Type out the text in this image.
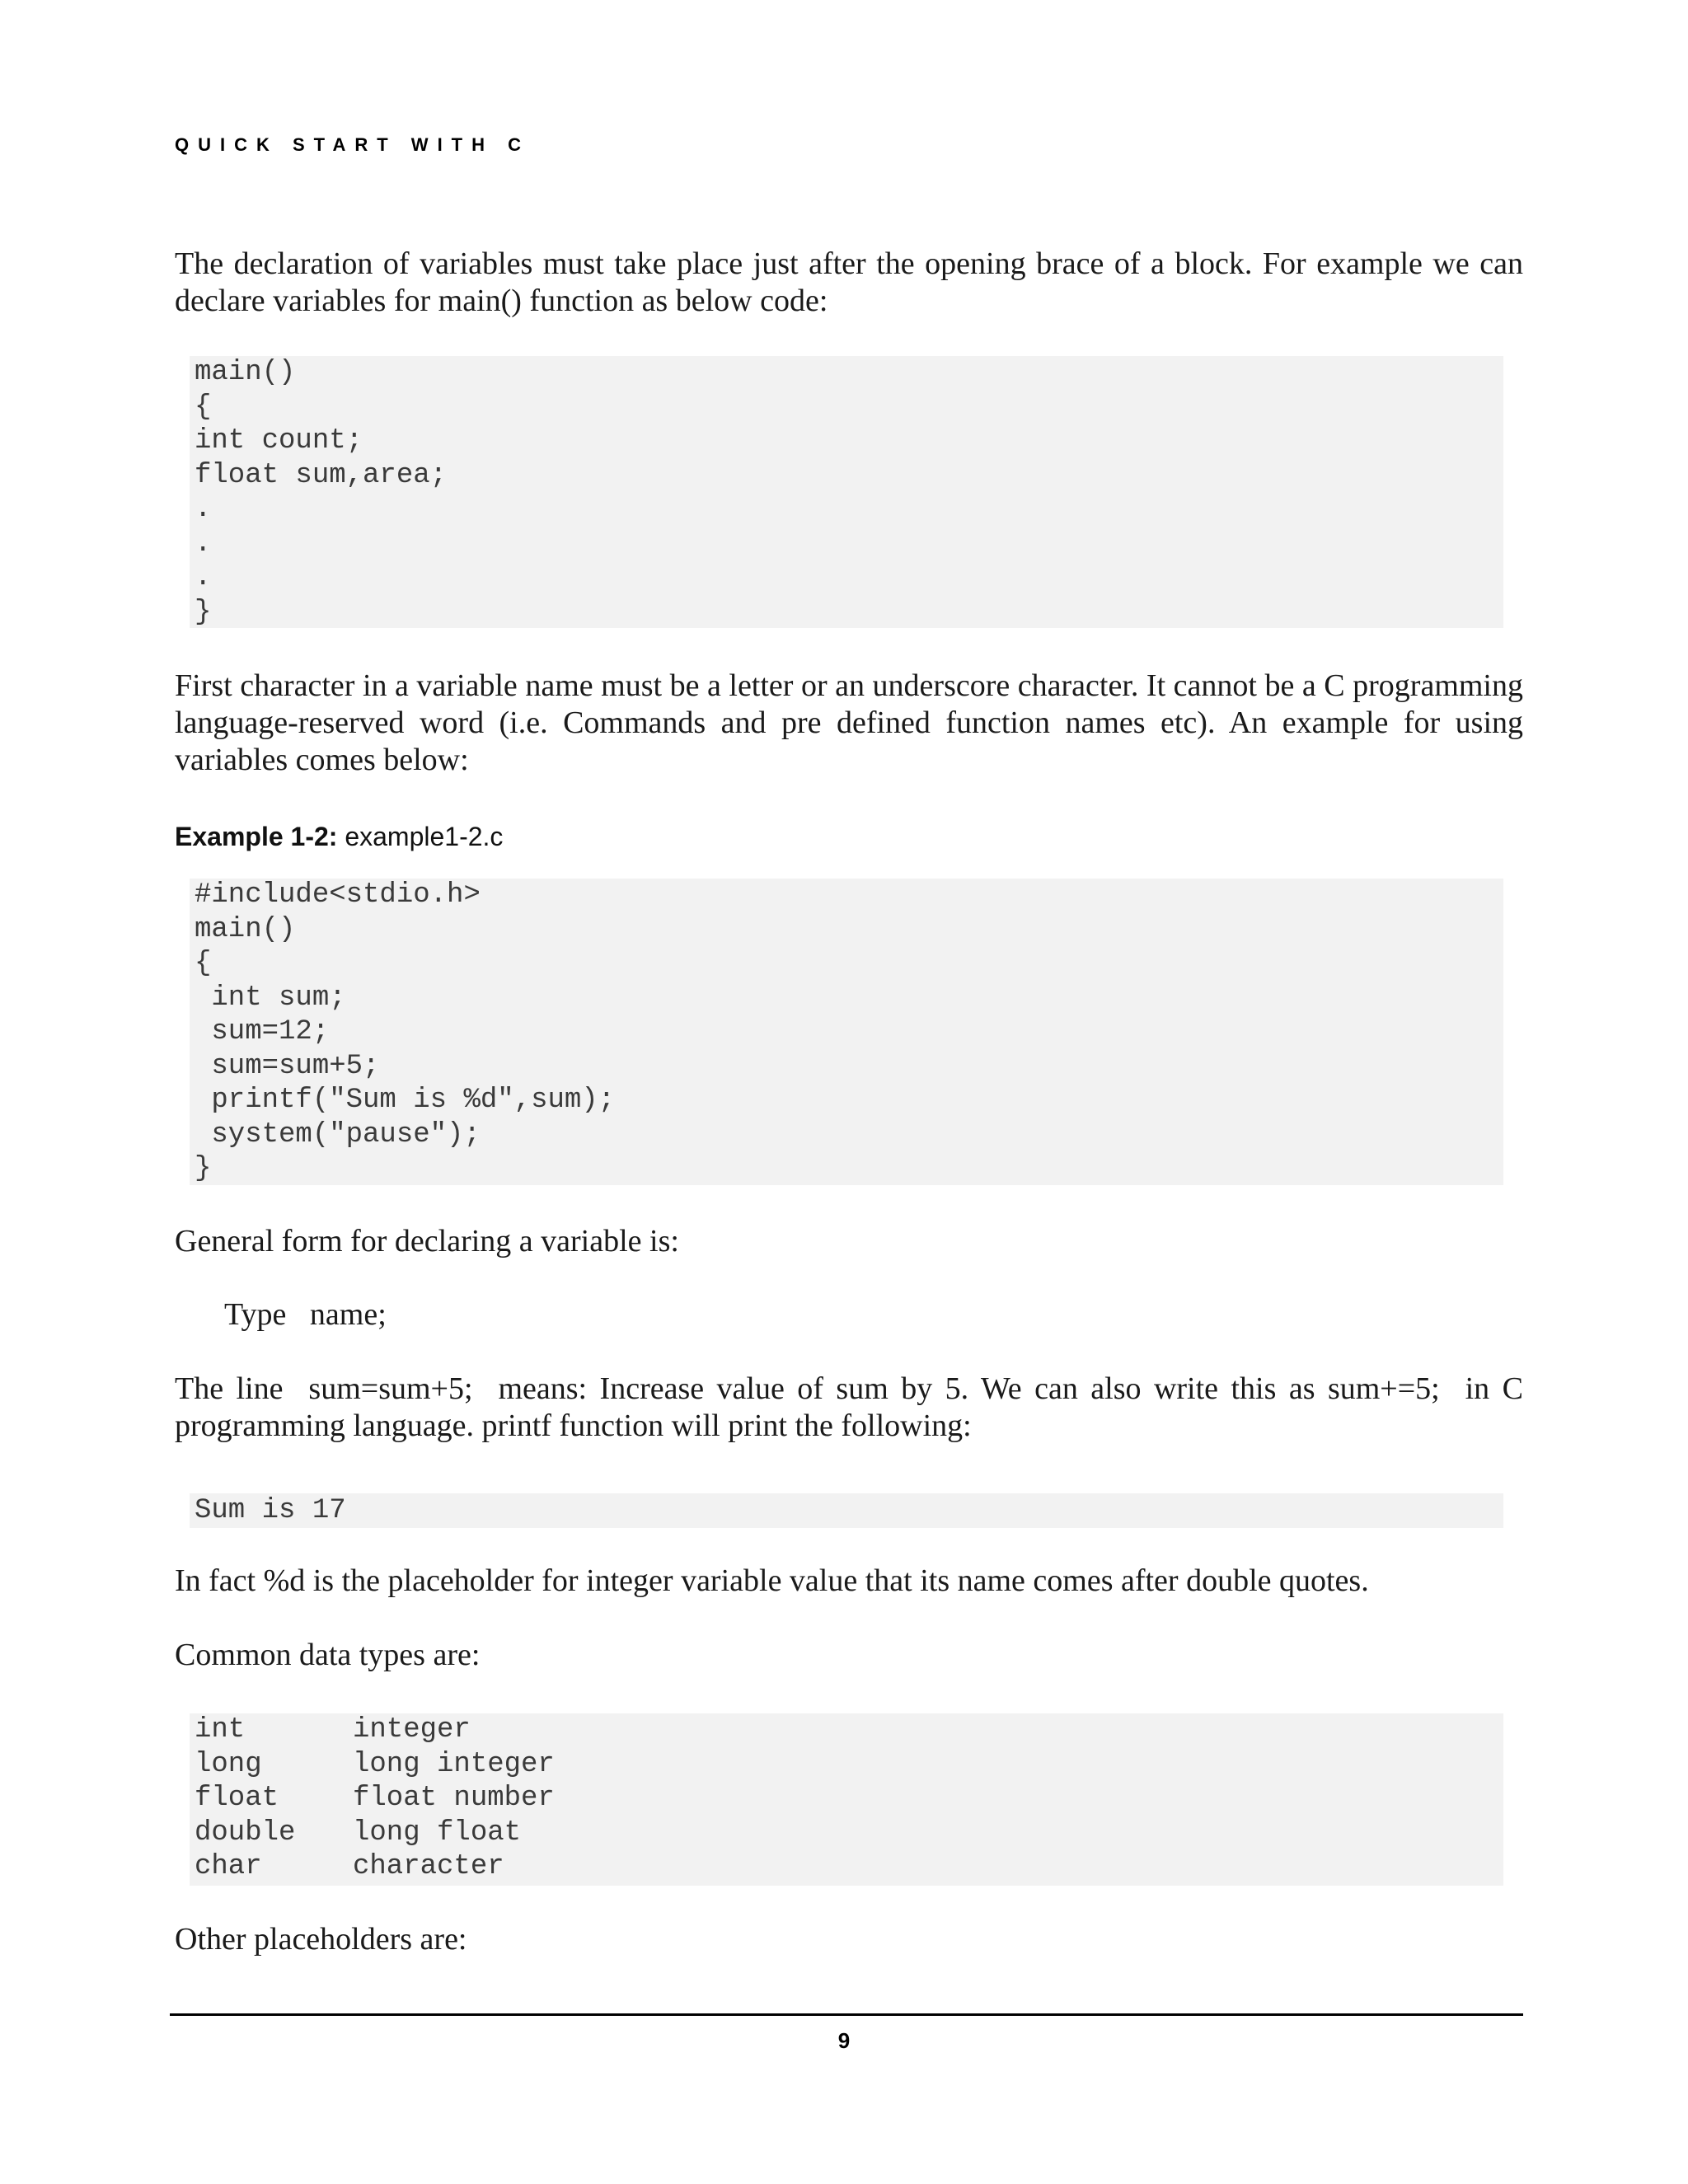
QUICK START WITH C

The declaration of variables must take place just after the opening brace of a block. For example we can declare variables for main() function as below code:

main()
{
int count;
float sum,area;
.
.
.
}

First character in a variable name must be a letter or an underscore character. It cannot be a C programming language-reserved word (i.e. Commands and pre defined function names etc). An example for using variables comes below:

Example 1-2: example1-2.c
#include<stdio.h>
main()
{
int sum;
sum=12;
sum=sum+5;
printf("Sum is %d",sum);
system("pause");
}

General form for declaring a variable is:

Type   name;

The line  sum=sum+5;  means: Increase value of sum by 5. We can also write this as sum+=5;  in C programming language. printf function will print the following:

Sum is 17

In fact %d is the placeholder for integer variable value that its name comes after double quotes.

Common data types are:

int	integer
long	long integer
float	float number
double	long float
char	character

Other placeholders are:

9
